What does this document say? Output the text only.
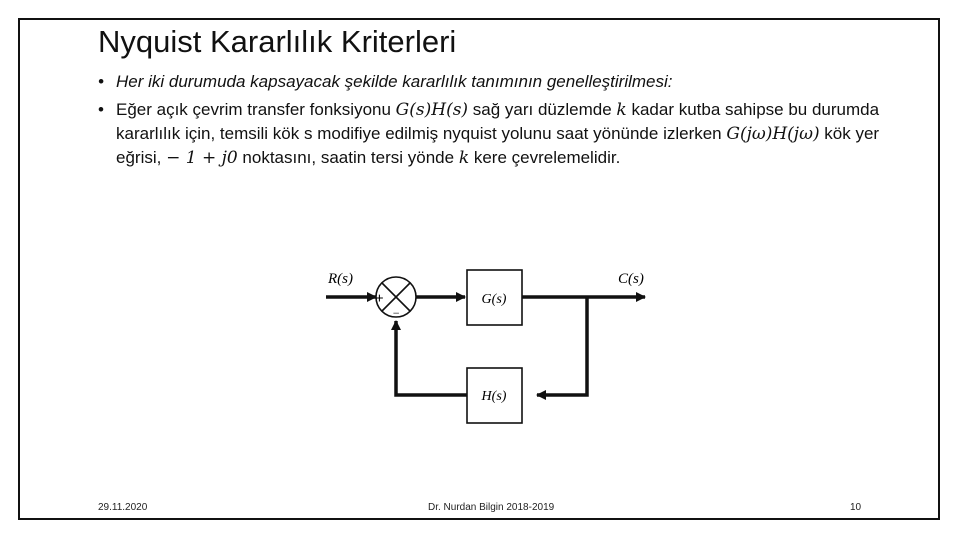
Nyquist Kararlılık Kriterleri
• Her iki durumuda kapsayacak şekilde kararlılık tanımının genelleştirilmesi:
• Eğer açık çevrim transfer fonksiyonu G(s)H(s) sağ yarı düzlemde k kadar kutba sahipse bu durumda kararlılık için, temsili kök s modifiye edilmiş nyquist yolunu saat yönünde izlerken G(jω)H(jω) kök yer eğrisi, − 1 + j0 noktasını, saatin tersi yönde k kere çevrelemelidir.
R(s)
+
−
G(s)
C(s)
H(s)
29.11.2020	Dr. Nurdan Bilgin 2018-2019	10
